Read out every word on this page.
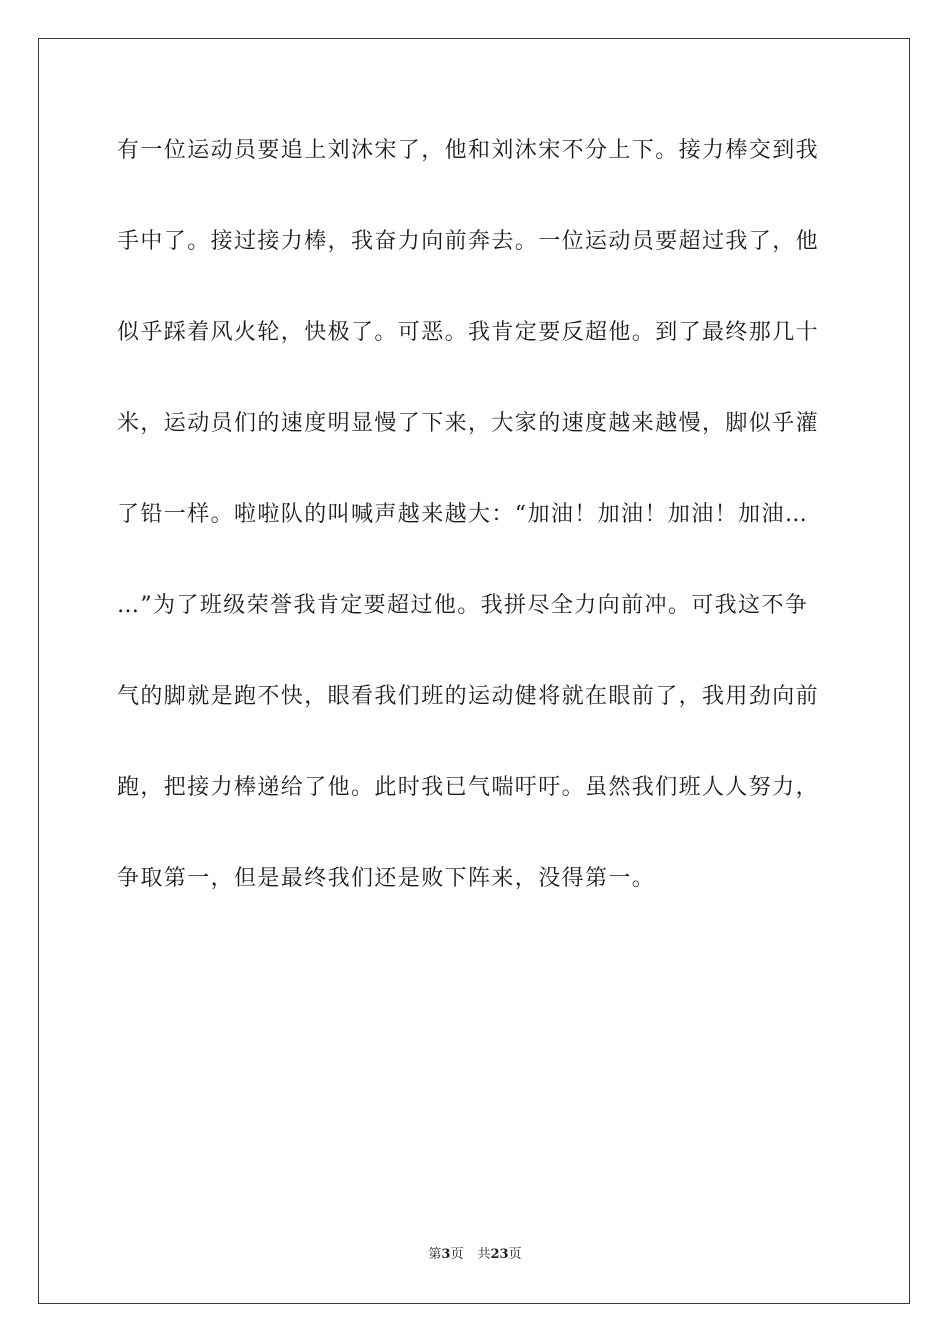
有一位运动员要追上刘沐宋了，他和刘沐宋不分上下。接力棒交到我
手中了。接过接力棒，我奋力向前奔去。一位运动员要超过我了，他
似乎踩着风火轮，快极了。可恶。我肯定要反超他。到了最终那几十
米，运动员们的速度明显慢了下来，大家的速度越来越慢，脚似乎灌
了铅一样。啦啦队的叫喊声越来越大：“加油！加油！加油！加油…
…”为了班级荣誉我肯定要超过他。我拼尽全力向前冲。可我这不争
气的脚就是跑不快，眼看我们班的运动健将就在眼前了，我用劲向前
跑，把接力棒递给了他。此时我已气喘吁吁。虽然我们班人人努力，
争取第一，但是最终我们还是败下阵来，没得第一。
第3页 共23页
